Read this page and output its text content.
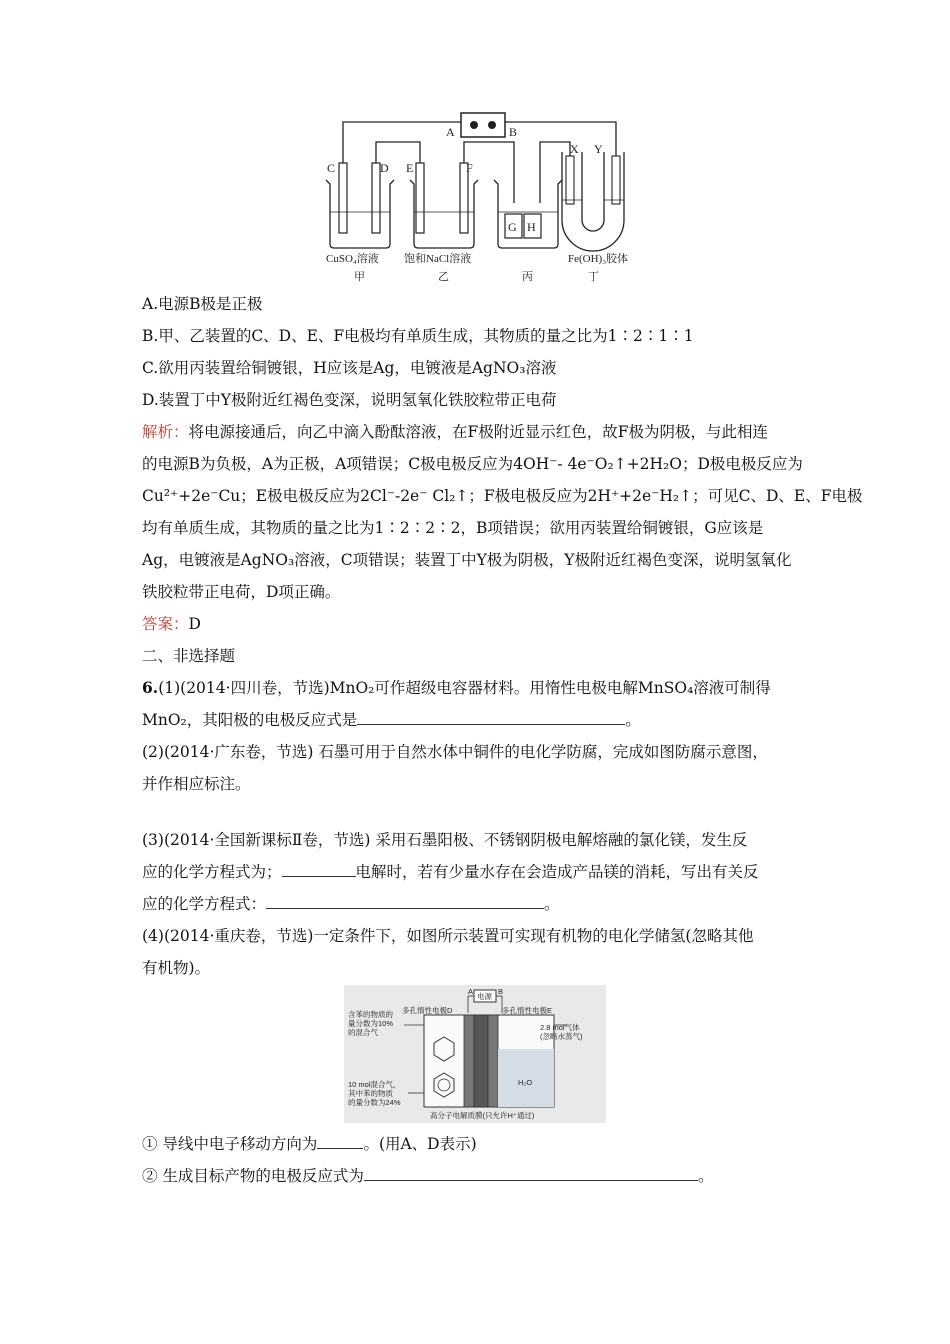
A	B
C	D E	F
G H
X Y
CuSO₄溶液 饱和NaCl溶液	Fe(OH)₃胶体
甲	乙	丙	丁
A.电源B极是正极
B.甲、乙装置的C、D、E、F电极均有单质生成，其物质的量之比为1∶2∶1∶1
C.欲用丙装置给铜镀银，H应该是Ag，电镀液是AgNO₃溶液
D.装置丁中Y极附近红褐色变深，说明氢氧化铁胶粒带正电荷
解析：将电源接通后，向乙中滴入酚酞溶液，在F极附近显示红色，故F极为阴极，与此相连
的电源B为负极，A为正极，A项错误；C极电极反应为4OH⁻- 4e⁻O₂↑+2H₂O；D极电极反应为
Cu²⁺+2e⁻Cu；E极电极反应为2Cl⁻-2e⁻ Cl₂↑；F极电极反应为2H⁺+2e⁻H₂↑；可见C、D、E、F电极
均有单质生成，其物质的量之比为1∶2∶2∶2，B项错误；欲用丙装置给铜镀银，G应该是
Ag，电镀液是AgNO₃溶液，C项错误；装置丁中Y极为阴极，Y极附近红褐色变深，说明氢氧化
铁胶粒带正电荷，D项正确。
答案：D
二、非选择题
6.(1)(2014·四川卷，节选)MnO₂可作超级电容器材料。用惰性电极电解MnSO₄溶液可制得
MnO₂，其阳极的电极反应式是	。
(2)(2014·广东卷，节选) 石墨可用于自然水体中铜件的电化学防腐，完成如图防腐示意图，
并作相应标注。
(3)(2014·全国新课标Ⅱ卷，节选) 采用石墨阳极、不锈钢阴极电解熔融的氯化镁，发生反
应的化学方程式为；	电解时，若有少量水存在会造成产品镁的消耗，写出有关反
应的化学方程式：	。
(4)(2014·重庆卷，节选)一定条件下，如图所示装置可实现有机物的电化学储氢(忽略其他
有机物)。
电源
A	B
多孔惰性电极D	多孔惰性电极E
H₂O
2.8 mol气体
(忽略水蒸气)
含苯的物质的
量分数为10%
的混合气
10 mol混合气，
其中苯的物质
的量分数为24%
高分子电解质膜(只允许H⁺通过)
① 导线中电子移动方向为	。(用A、D表示)
② 生成目标产物的电极反应式为	。
